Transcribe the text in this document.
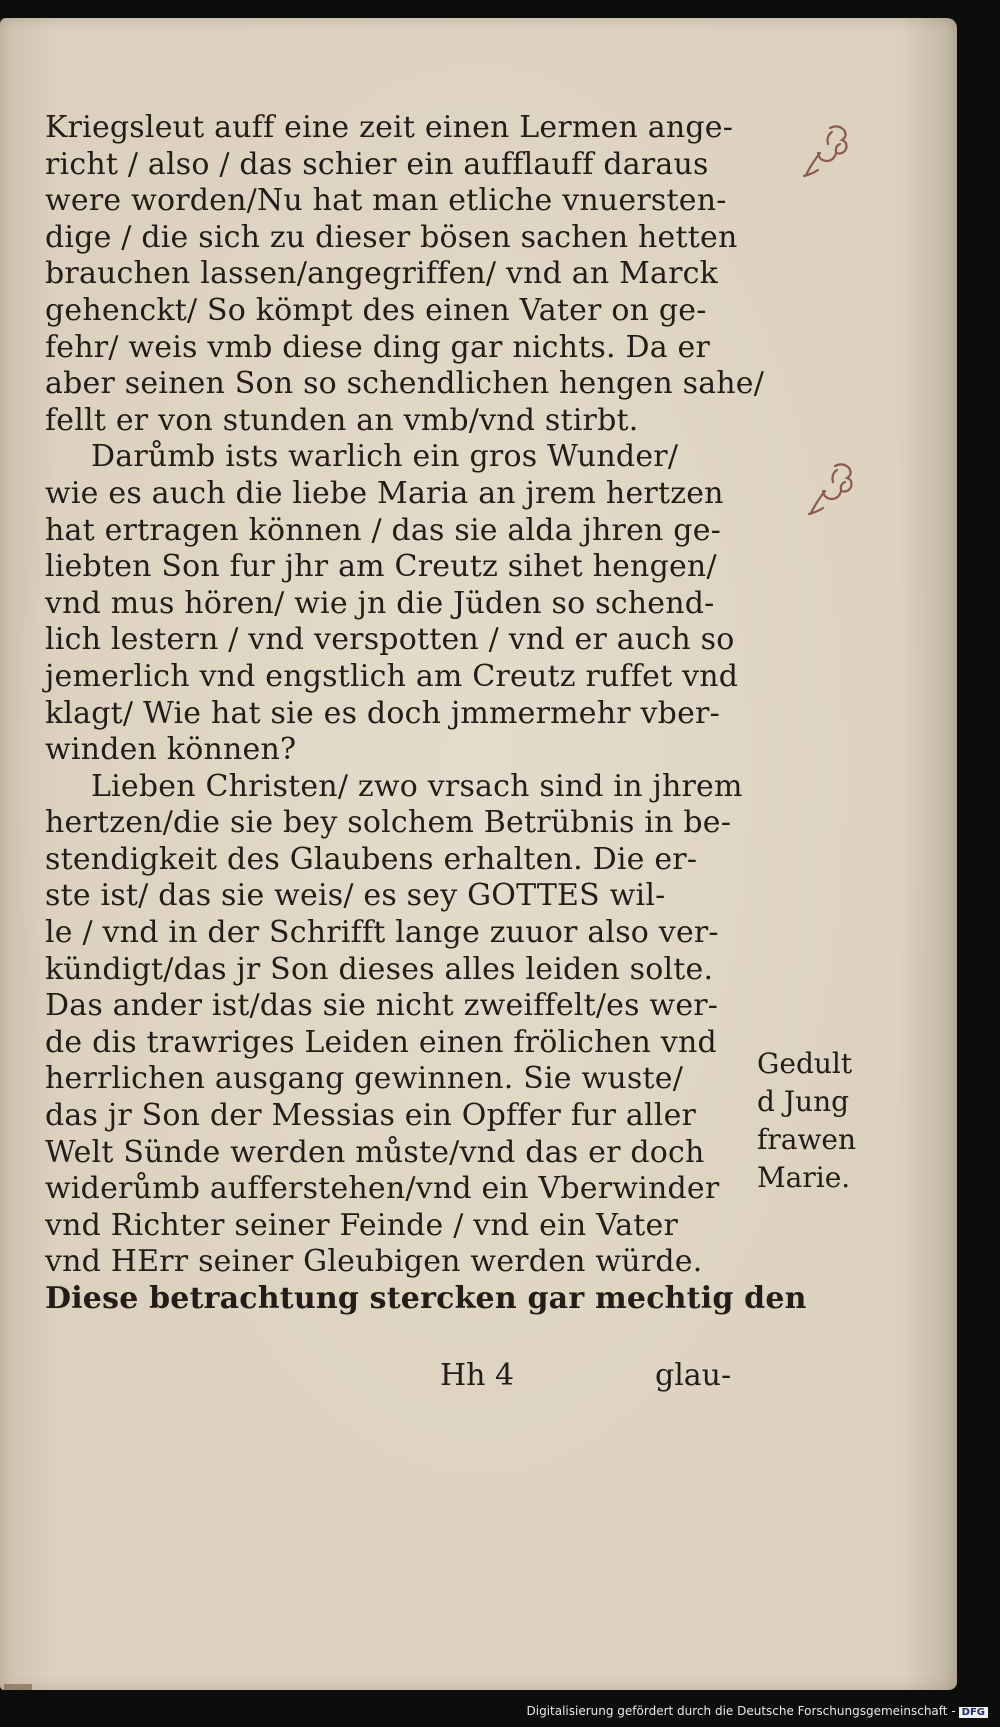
Kriegsleut auff eine zeit einen Lermen ange-
richt / also / das schier ein aufflauff daraus
were worden/Nu hat man etliche vnuersten-
dige / die sich zu dieser bösen sachen hetten
brauchen lassen/angegriffen/ vnd an Marck
gehenckt/ So kömpt des einen Vater on ge-
fehr/ weis vmb diese ding gar nichts. Da er
aber seinen Son so schendlichen hengen sahe/
fellt er von stunden an vmb/vnd stirbt.
Darůmb ists warlich ein gros Wunder/
wie es auch die liebe Maria an jrem hertzen
hat ertragen können / das sie alda jhren ge-
liebten Son fur jhr am Creutz sihet hengen/
vnd mus hören/ wie jn die Jüden so schend-
lich lestern / vnd verspotten / vnd er auch so
jemerlich vnd engstlich am Creutz ruffet vnd
klagt/ Wie hat sie es doch jmmermehr vber-
winden können?
Lieben Christen/ zwo vrsach sind in jhrem
hertzen/die sie bey solchem Betrübnis in be-
stendigkeit des Glaubens erhalten. Die er-
ste ist/ das sie weis/ es sey GOTTES wil-
le / vnd in der Schrifft lange zuuor also ver-
kündigt/das jr Son dieses alles leiden solte.
Das ander ist/das sie nicht zweiffelt/es wer-
de dis trawriges Leiden einen frölichen vnd
herrlichen ausgang gewinnen. Sie wuste/
das jr Son der Messias ein Opffer fur aller
Welt Sünde werden můste/vnd das er doch
widerůmb aufferstehen/vnd ein Vberwinder
vnd Richter seiner Feinde / vnd ein Vater
vnd HErr seiner Gleubigen werden würde.
Diese betrachtung stercken gar mechtig den
Gedult
d Jung
frawen
Marie.
Hh 4	glau-
Digitalisierung gefördert durch die Deutsche Forschungsgemeinschaft - DFG
